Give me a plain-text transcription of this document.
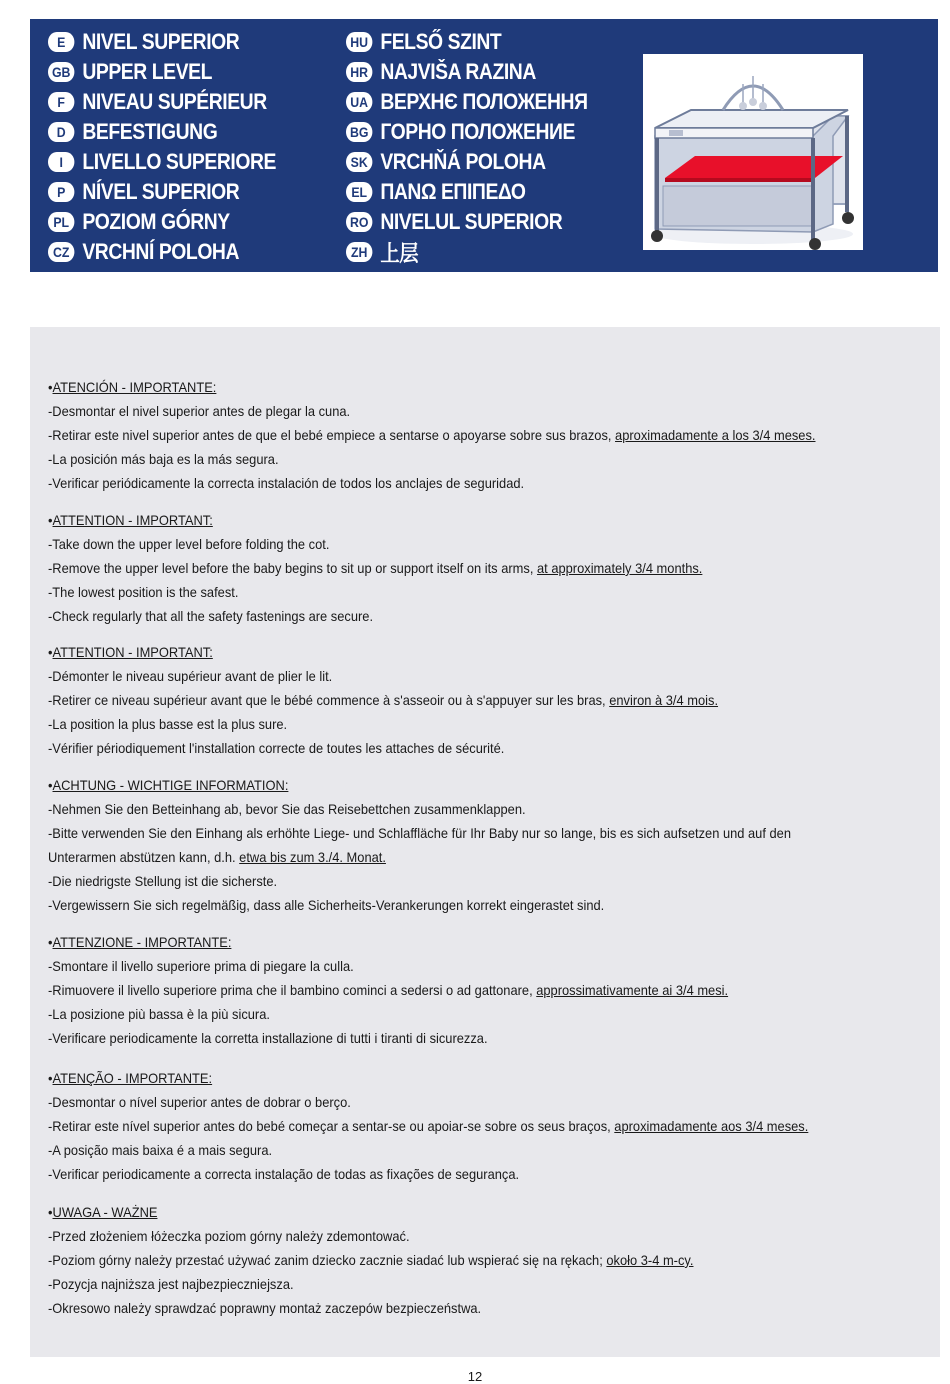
E NIVEL SUPERIOR
GB UPPER LEVEL
F NIVEAU SUPÉRIEUR
D BEFESTIGUNG
I LIVELLO SUPERIORE
P NÍVEL SUPERIOR
PL POZIOM GÓRNY
CZ VRCHNÍ POLOHA
HU FELSŐ SZINT
HR NAJVIŠA RAZINA
UA ВЕРХНЄ ПОЛОЖЕННЯ
BG ГОРНО ПОЛОЖЕНИЕ
SK VRCHŇÁ POLOHA
EL ΠΑΝΩ ΕΠΙΠΕΔΟ
RO NIVELUL SUPERIOR
ZH 上层
•ATENCIÓN - IMPORTANTE:
-Desmontar el nivel superior antes de plegar la cuna.
-Retirar este nivel superior antes de que el bebé empiece a sentarse o apoyarse sobre sus brazos, aproximadamente a los 3/4 meses.
-La posición más baja es la más segura.
-Verificar periódicamente la correcta instalación de todos los anclajes de seguridad.
•ATTENTION - IMPORTANT:
-Take down the upper level before folding the cot.
-Remove the upper level before the baby begins to sit up or support itself on its arms, at approximately 3/4 months.
-The lowest position is the safest.
-Check regularly that all the safety fastenings are secure.
•ATTENTION - IMPORTANT:
-Démonter le niveau supérieur avant de plier le lit.
-Retirer ce niveau supérieur avant que le bébé commence à s'asseoir ou à s'appuyer sur les bras, environ à 3/4 mois.
-La position la plus basse est la plus sure.
-Vérifier périodiquement l'installation correcte de toutes les attaches de sécurité.
•ACHTUNG - WICHTIGE INFORMATION:
-Nehmen Sie den Betteinhang ab, bevor Sie das Reisebettchen zusammenklappen.
-Bitte verwenden Sie den Einhang als erhöhte Liege- und Schlaffläche für Ihr Baby nur so lange, bis es sich aufsetzen und auf den
Unterarmen abstützen kann, d.h. etwa bis zum 3./4. Monat.
-Die niedrigste Stellung ist die sicherste.
-Vergewissern Sie sich regelmäßig, dass alle Sicherheits-Verankerungen korrekt eingerastet sind.
•ATTENZIONE - IMPORTANTE:
-Smontare il livello superiore prima di piegare la culla.
-Rimuovere il livello superiore prima che il bambino cominci a sedersi o ad gattonare, approssimativamente ai 3/4 mesi.
-La posizione più bassa è la più sicura.
-Verificare periodicamente la corretta installazione di tutti i tiranti di sicurezza.
•ATENÇÃO - IMPORTANTE:
-Desmontar o nível superior antes de dobrar o berço.
-Retirar este nível superior antes do bebé começar a sentar-se ou apoiar-se sobre os seus braços, aproximadamente aos 3/4 meses.
-A posição mais baixa é a mais segura.
-Verificar periodicamente a correcta instalação de todas as fixações de segurança.
•UWAGA - WAŻNE
-Przed złożeniem łóżeczka poziom górny należy zdemontować.
-Poziom górny należy przestać używać zanim dziecko zacznie siadać lub wspierać się na rękach; około 3-4 m-cy.
-Pozycja najniższa jest najbezpieczniejsza.
-Okresowo należy sprawdzać poprawny montaż zaczepów bezpieczeństwa.
12
